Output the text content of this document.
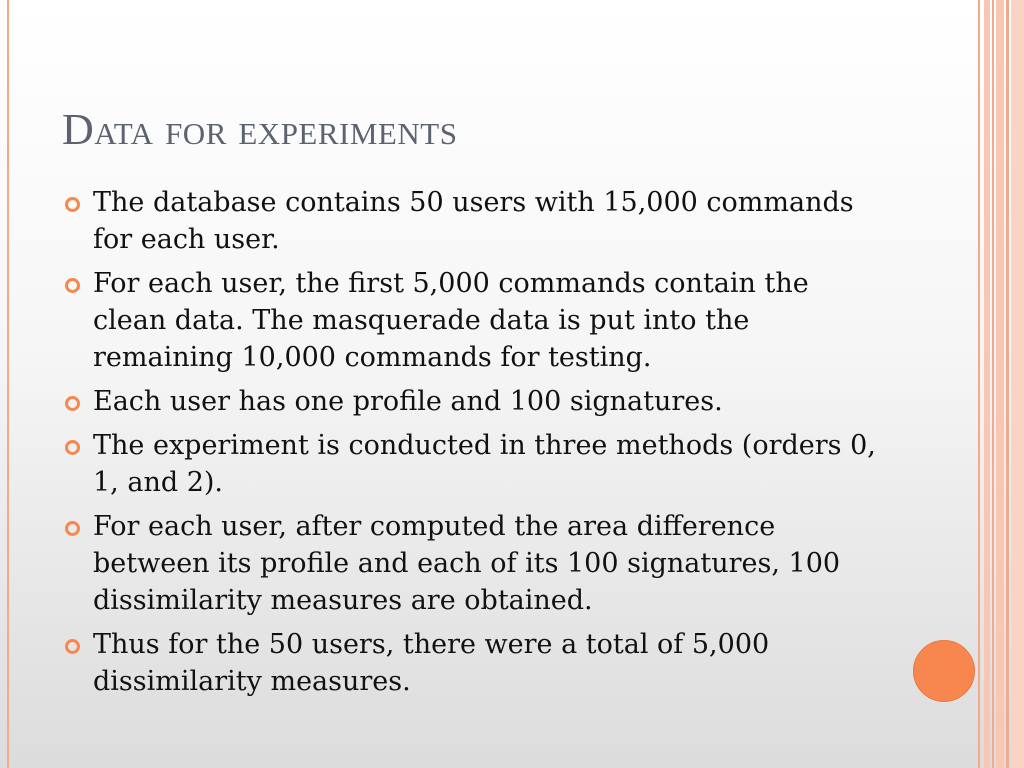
Data for experiments
The database contains 50 users with 15,000 commands for each user.
For each user, the first 5,000 commands contain the clean data. The masquerade data is put into the remaining 10,000 commands for testing.
Each user has one profile and 100 signatures.
The experiment is conducted in three methods (orders 0, 1, and 2).
For each user, after computed the area difference between its profile and each of its 100 signatures, 100 dissimilarity measures are obtained.
Thus for the 50 users, there were a total of 5,000 dissimilarity measures.
